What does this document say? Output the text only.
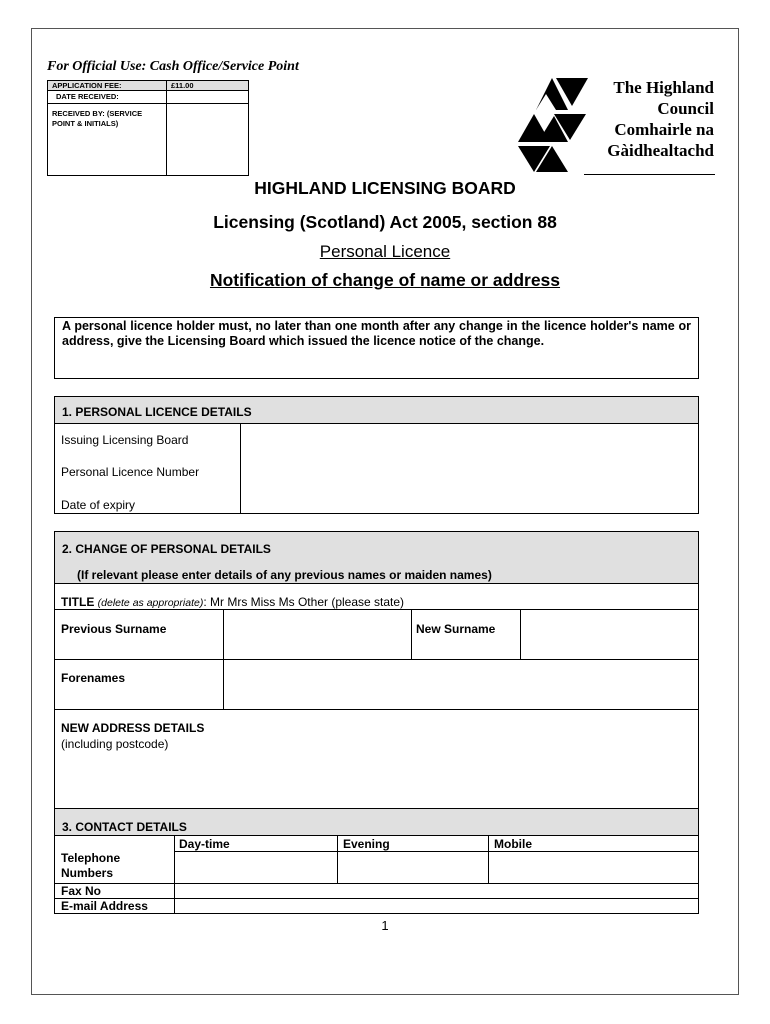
For Official Use: Cash Office/Service Point
APPLICATION FEE:	£11.00
DATE RECEIVED:
RECEIVED BY: (SERVICE POINT & INITIALS)
The Highland
Council
Comhairle na
Gàidhealtachd
HIGHLAND LICENSING BOARD
Licensing (Scotland) Act 2005, section 88
Personal Licence
Notification of change of name or address
A personal licence holder must, no later than one month after any change in the licence holder's name or address, give the Licensing Board which issued the licence notice of the change.
1. PERSONAL LICENCE DETAILS
Issuing Licensing Board
Personal Licence Number
Date of expiry
2. CHANGE OF PERSONAL DETAILS
(If relevant please enter details of any previous names or maiden names)
TITLE (delete as appropriate): Mr Mrs Miss Ms Other (please state)
Previous Surname	New Surname
Forenames
NEW ADDRESS DETAILS
(including postcode)
3. CONTACT DETAILS
Day-time	Evening	Mobile
Telephone Numbers
Fax No
E-mail Address
1
